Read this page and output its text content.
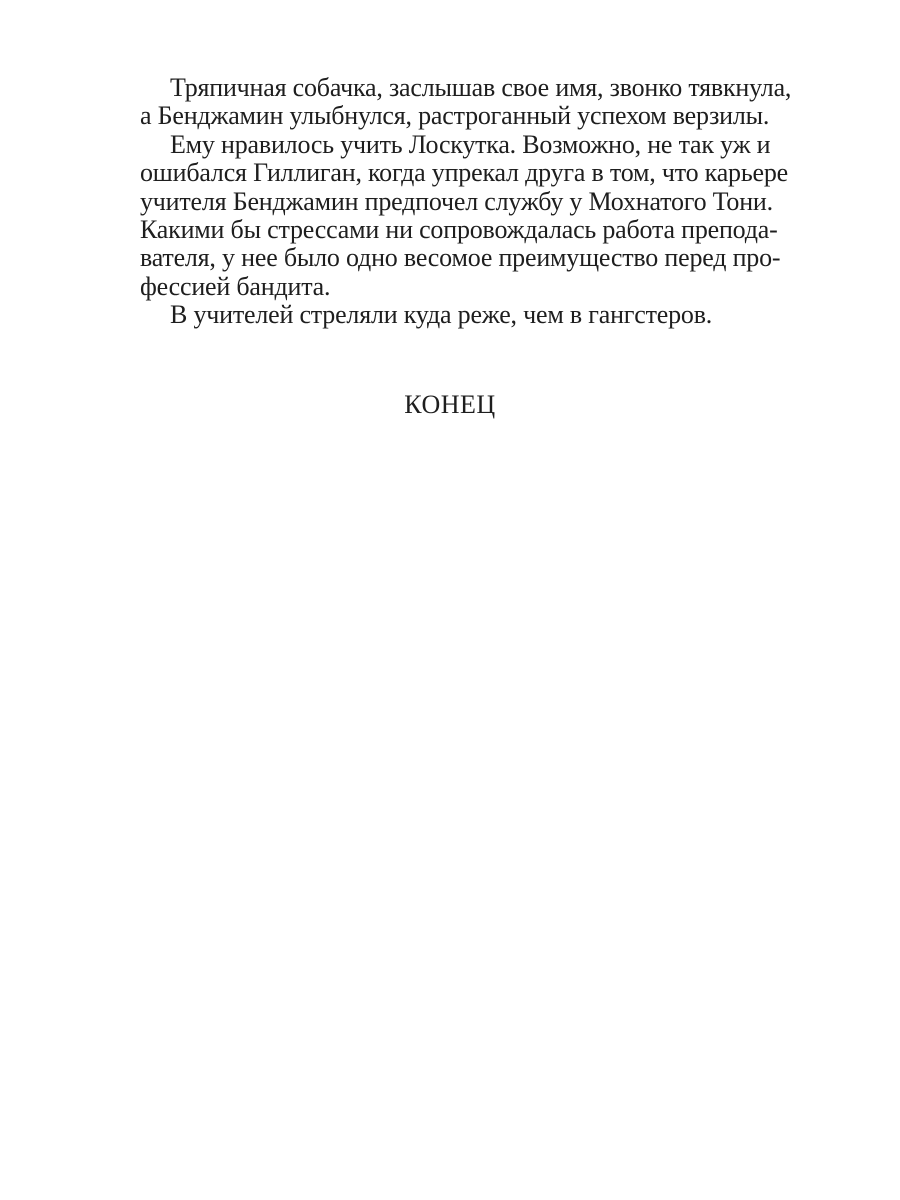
Тряпичная собачка, заслышав свое имя, звонко тявкнула,
а Бенджамин улыбнулся, растроганный успехом верзилы.
Ему нравилось учить Лоскутка. Возможно, не так уж и
ошибался Гиллиган, когда упрекал друга в том, что карьере
учителя Бенджамин предпочел службу у Мохнатого Тони.
Какими бы стрессами ни сопровождалась работа препода-
вателя, у нее было одно весомое преимущество перед про-
фессией бандита.
В учителей стреляли куда реже, чем в гангстеров.
КОНЕЦ
